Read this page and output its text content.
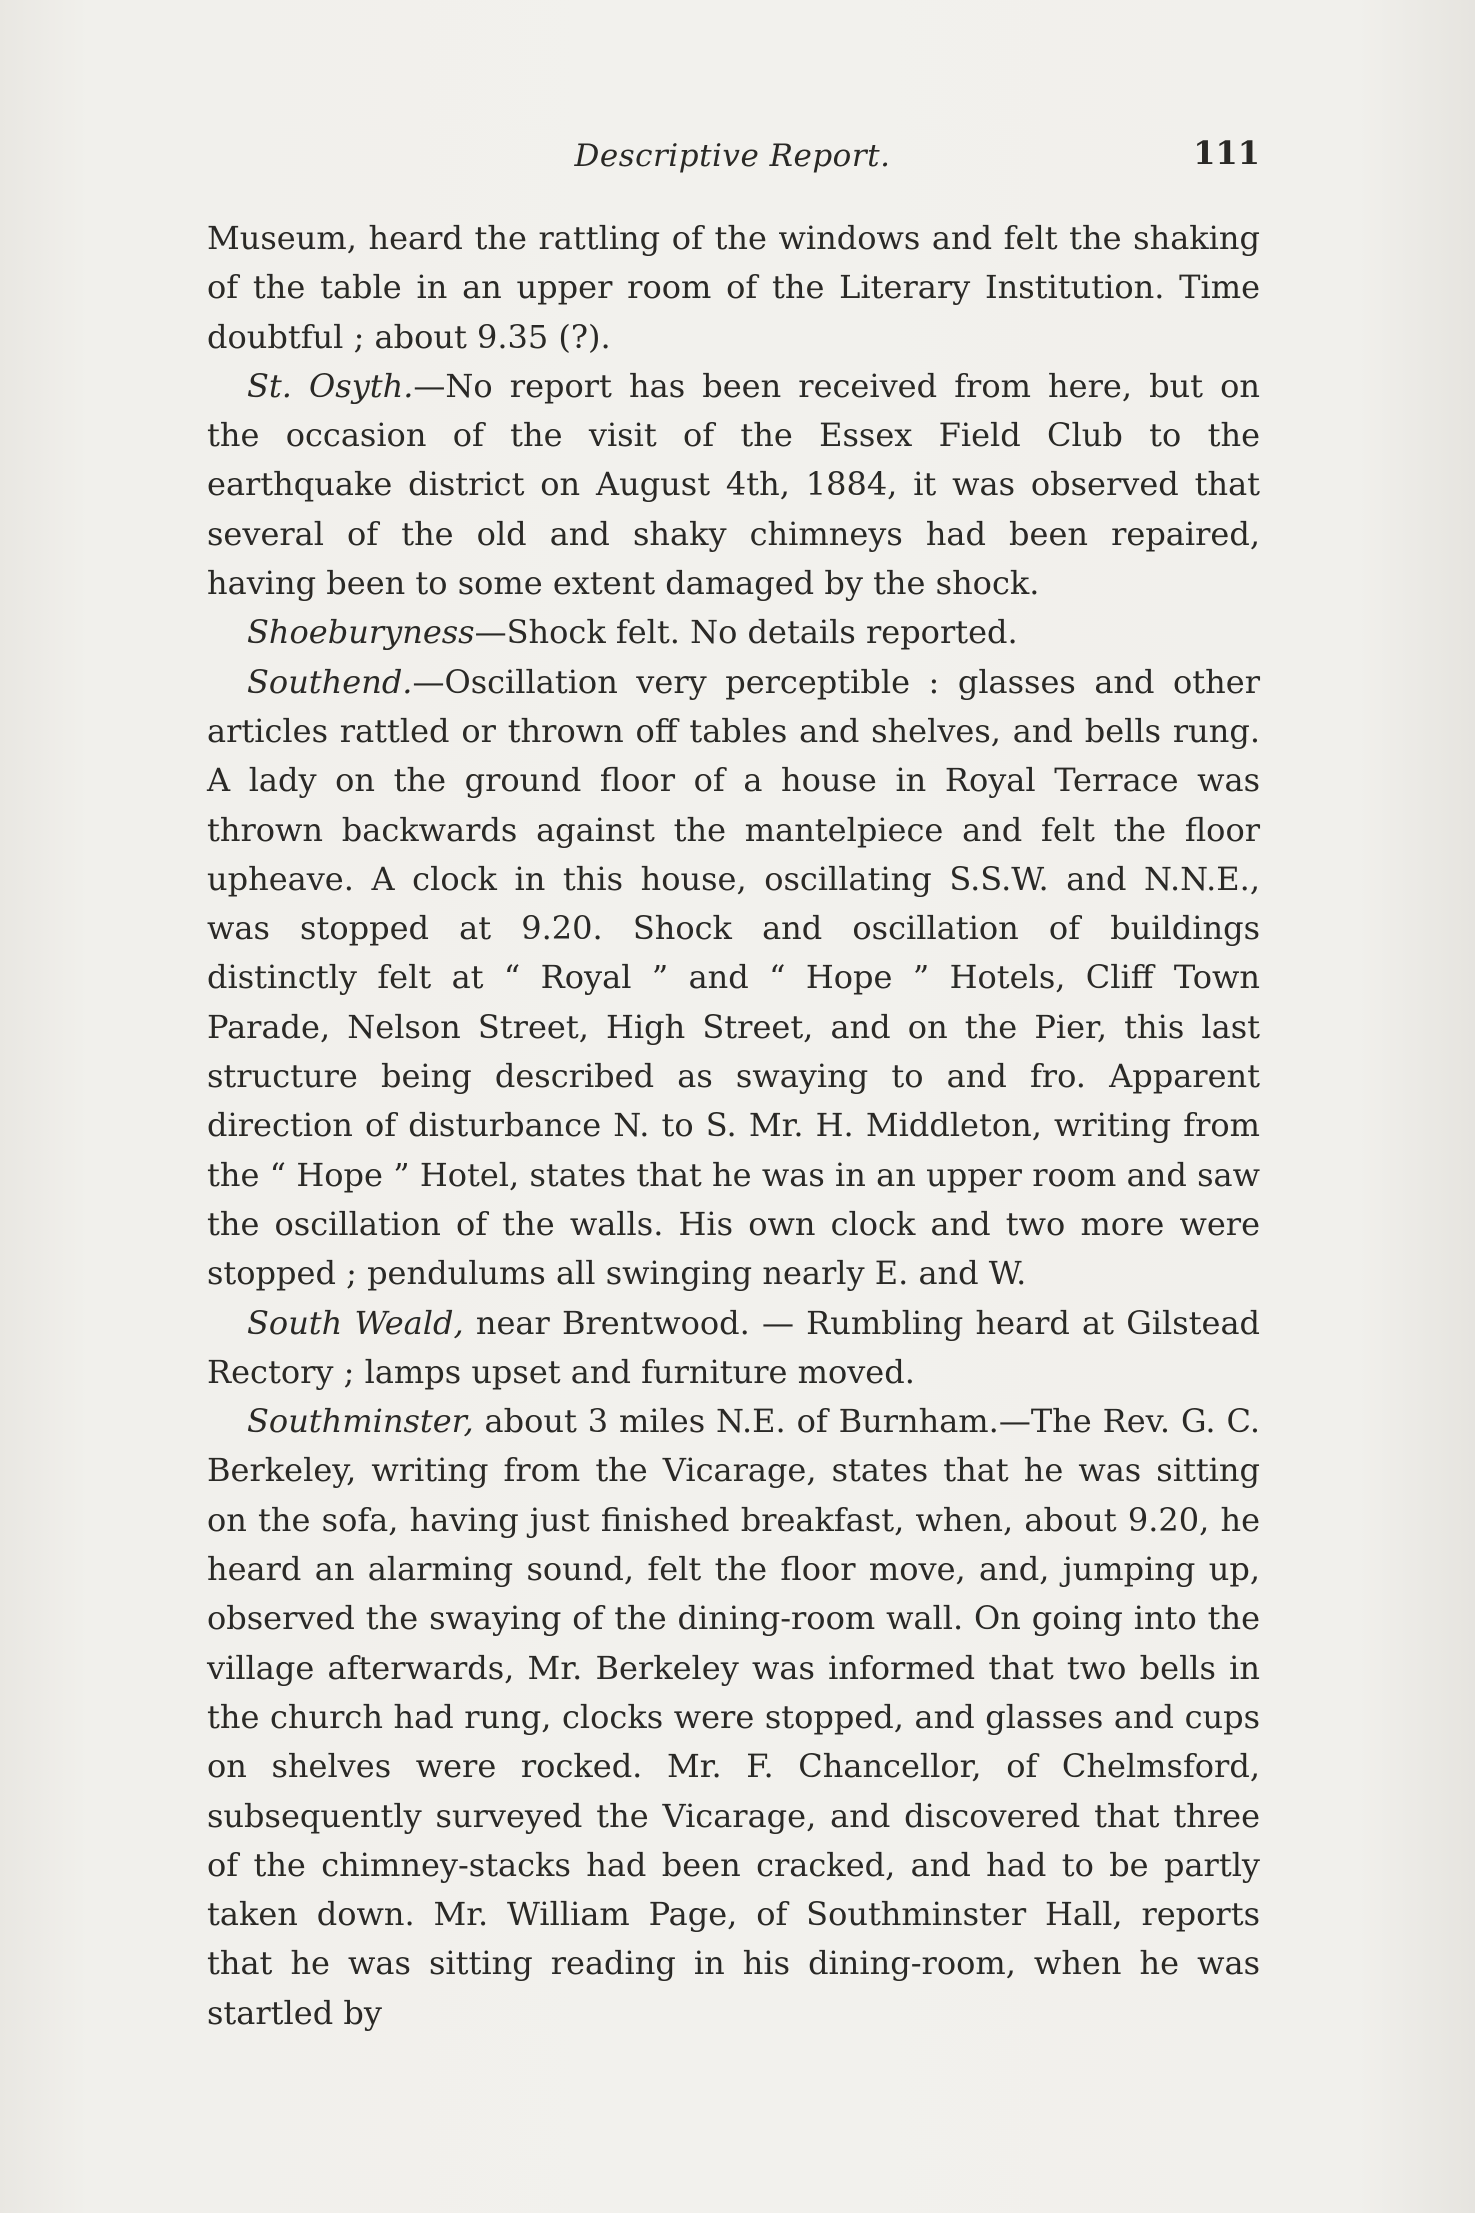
Descriptive Report.	111

Museum, heard the rattling of the windows and felt the shaking of the table in an upper room of the Literary Institution. Time doubtful ; about 9.35 (?).

St. Osyth.—No report has been received from here, but on the occasion of the visit of the Essex Field Club to the earthquake district on August 4th, 1884, it was observed that several of the old and shaky chimneys had been repaired, having been to some extent damaged by the shock.

Shoeburyness—Shock felt. No details reported.

Southend.—Oscillation very perceptible : glasses and other articles rattled or thrown off tables and shelves, and bells rung. A lady on the ground floor of a house in Royal Terrace was thrown backwards against the mantelpiece and felt the floor upheave. A clock in this house, oscillating S.S.W. and N.N.E., was stopped at 9.20. Shock and oscillation of buildings distinctly felt at “ Royal ” and “ Hope ” Hotels, Cliff Town Parade, Nelson Street, High Street, and on the Pier, this last structure being described as swaying to and fro. Apparent direction of disturbance N. to S. Mr. H. Middleton, writing from the “ Hope ” Hotel, states that he was in an upper room and saw the oscillation of the walls. His own clock and two more were stopped ; pendulums all swinging nearly E. and W.

South Weald, near Brentwood. — Rumbling heard at Gilstead Rectory ; lamps upset and furniture moved.

Southminster, about 3 miles N.E. of Burnham.—The Rev. G. C. Berkeley, writing from the Vicarage, states that he was sitting on the sofa, having just finished breakfast, when, about 9.20, he heard an alarming sound, felt the floor move, and, jumping up, observed the swaying of the dining-room wall. On going into the village afterwards, Mr. Berkeley was informed that two bells in the church had rung, clocks were stopped, and glasses and cups on shelves were rocked. Mr. F. Chancellor, of Chelmsford, subsequently surveyed the Vicarage, and discovered that three of the chimney-stacks had been cracked, and had to be partly taken down. Mr. William Page, of Southminster Hall, reports that he was sitting reading in his dining-room, when he was startled by
